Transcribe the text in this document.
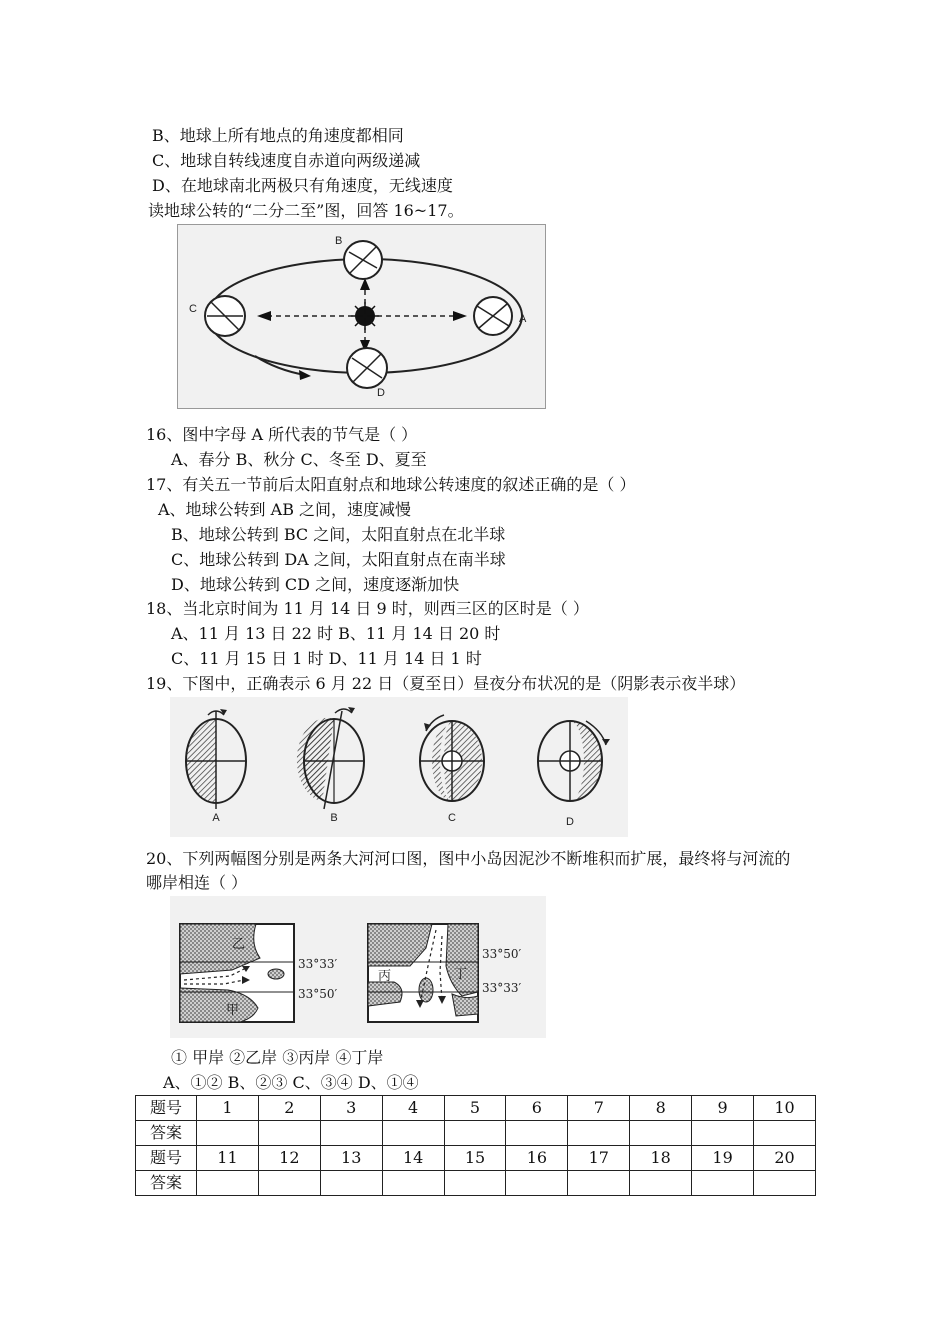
B、地球上所有地点的角速度都相同
C、地球自转线速度自赤道向两级递减
D、在地球南北两极只有角速度，无线速度
读地球公转的“二分二至”图，回答 16~17。
B
C
A
D
16、图中字母 A 所代表的节气是（ ）
A、春分 B、秋分 C、冬至 D、夏至
17、有关五一节前后太阳直射点和地球公转速度的叙述正确的是（ ）
A、地球公转到 AB 之间，速度减慢
B、地球公转到 BC 之间，太阳直射点在北半球
C、地球公转到 DA 之间，太阳直射点在南半球
D、地球公转到 CD 之间，速度逐渐加快
18、当北京时间为 11 月 14 日 9 时，则西三区的区时是（ ）
A、11 月 13 日 22 时 B、11 月 14 日 20 时
C、11 月 15 日 1 时 D、11 月 14 日 1 时
19、下图中，正确表示 6 月 22 日（夏至日）昼夜分布状况的是（阴影表示夜半球）
A	B	C	D
20、下列两幅图分别是两条大河河口图，图中小岛因泥沙不断堆积而扩展，最终将与河流的
哪岸相连（ ）
乙
甲
33°33′
33°50′
丙	丁
33°50′
33°33′
① 甲岸 ②乙岸 ③丙岸 ④丁岸
A、①② B、②③ C、③④ D、①④
题号	1	2	3	4	5	6	7	8	9	10
答案										
题号	11	12	13	14	15	16	17	18	19	20
答案										
